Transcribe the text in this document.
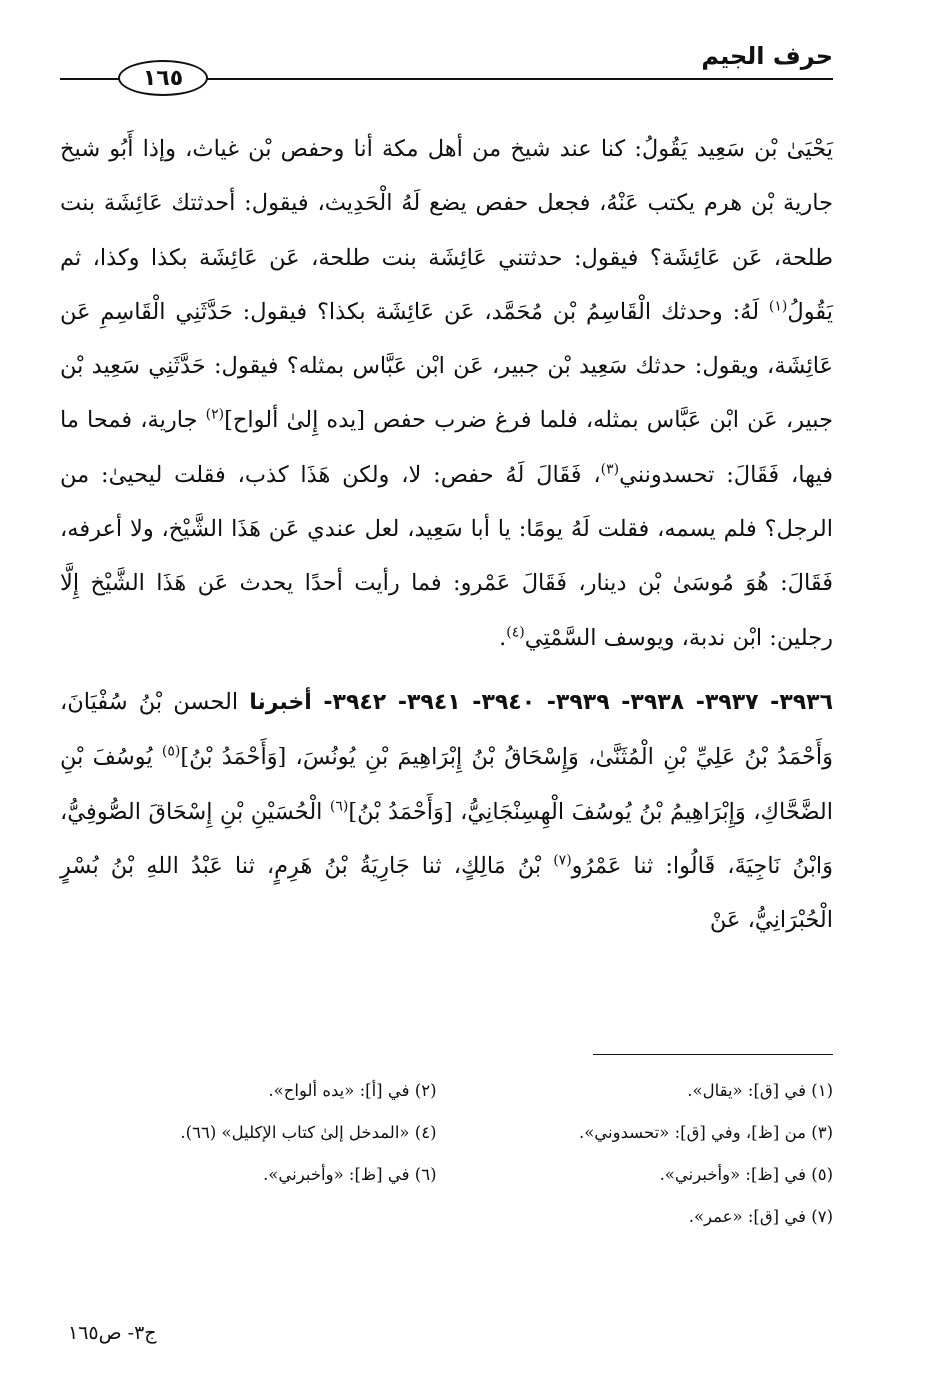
حرف الجيم
١٦٥

يَحْيَىٰ بْن سَعِيد يَقُولُ: كنا عند شيخ من أهل مكة أنا وحفص بْن غياث، وإذا أَبُو شيخ جارية بْن هرم يكتب عَنْهُ، فجعل حفص يضع لَهُ الْحَدِيث، فيقول: أحدثتك عَائِشَة بنت طلحة، عَن عَائِشَة؟ فيقول: حدثتني عَائِشَة بنت طلحة، عَن عَائِشَة بكذا وكذا، ثم يَقُولُ$^{(١)}$ لَهُ: وحدثك الْقَاسِمُ بْن مُحَمَّد، عَن عَائِشَة بكذا؟ فيقول: حَدَّثَنِي الْقَاسِمِ عَن عَائِشَة، ويقول: حدثك سَعِيد بْن جبير، عَن ابْن عَبَّاس بمثله؟ فيقول: حَدَّثَنِي سَعِيد بْن جبير، عَن ابْن عَبَّاس بمثله، فلما فرغ ضرب حفص [يده إِلىٰ ألواح]$^{(٢)}$ جارية، فمحا ما فيها، فَقَالَ: تحسدونني$^{(٣)}$، فَقَالَ لَهُ حفص: لا، ولكن هَذَا كذب، فقلت ليحيىٰ: من الرجل؟ فلم يسمه، فقلت لَهُ يومًا: يا أبا سَعِيد، لعل عندي عَن هَذَا الشَّيْخ، ولا أعرفه، فَقَالَ: هُوَ مُوسَىٰ بْن دينار، فَقَالَ عَمْرو: فما رأيت أحدًا يحدث عَن هَذَا الشَّيْخ إِلَّا رجلين: ابْن ندبة، ويوسف السَّمْتِي$^{(٤)}$.

٣٩٣٦- ٣٩٣٧- ٣٩٣٨- ٣٩٣٩- ٣٩٤٠- ٣٩٤١- ٣٩٤٢- أخبرنا الحسن بْنُ سُفْيَانَ، وَأَحْمَدُ بْنُ عَلِيِّ بْنِ الْمُثَنَّىٰ، وَإِسْحَاقُ بْنُ إِبْرَاهِيمَ بْنِ يُونُسَ، [وَأَحْمَدُ بْنُ]$^{(٥)}$ يُوسُفَ بْنِ الضَّحَّاكِ، وَإِبْرَاهِيمُ بْنُ يُوسُفَ الْهِسِنْجَانِيُّ، [وَأَحْمَدُ بْنُ]$^{(٦)}$ الْحُسَيْنِ بْنِ إِسْحَاقَ الصُّوفِيُّ، وَابْنُ نَاجِيَةَ، قَالُوا: ثنا عَمْرُو$^{(٧)}$ بْنُ مَالِكٍ، ثنا جَارِيَةُ بْنُ هَرِمٍ، ثنا عَبْدُ اللهِ بْنُ بُسْرٍ الْحُبْرَانِيُّ، عَنْ

(١) في [ق]: «يقال».
(٢) في [أ]: «يده ألواح».
(٣) من [ظ]، وفي [ق]: «تحسدوني».
(٤) «المدخل إلىٰ كتاب الإكليل» (٦٦).
(٥) في [ظ]: «وأخبرني».
(٦) في [ظ]: «وأخبرني».
(٧) في [ق]: «عمر».
ج٣- ص١٦٥
